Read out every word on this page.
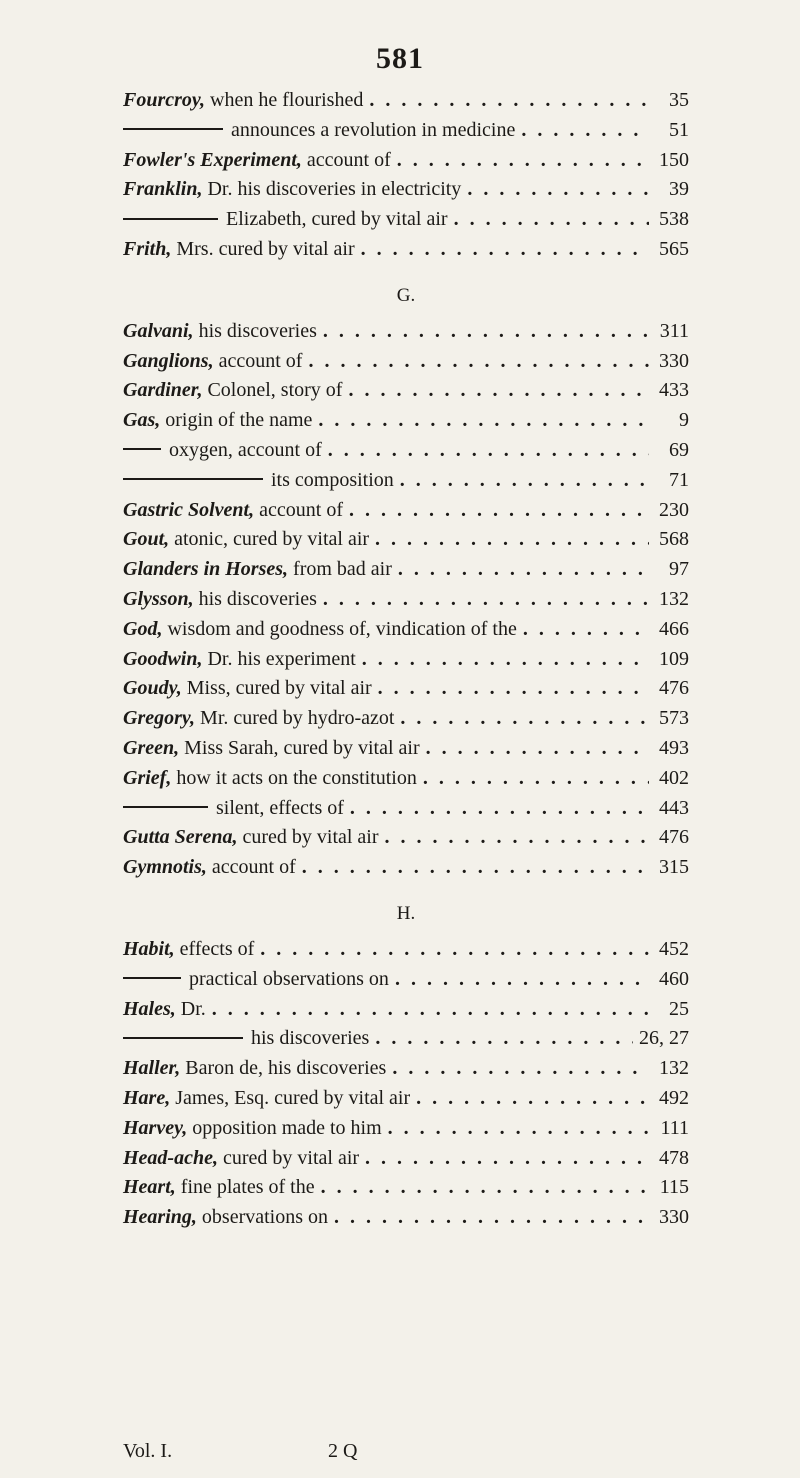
581
Fourcroy, when he flourished . . .	35
announces a revolution in medicine . . .	51
Fowler's Experiment, account of . . .	150
Franklin, Dr. his discoveries in electricity . . .	39
Elizabeth, cured by vital air . . .	538
Frith, Mrs. cured by vital air . . .	565
G.
Galvani, his discoveries . . .	311
Ganglions, account of . . .	330
Gardiner, Colonel, story of . . .	433
Gas, origin of the name . . .	9
oxygen, account of . . .	69
its composition . . .	71
Gastric Solvent, account of . . .	230
Gout, atonic, cured by vital air . . .	568
Glanders in Horses, from bad air . . .	97
Glysson, his discoveries . . .	132
God, wisdom and goodness of, vindication of the . . .	466
Goodwin, Dr. his experiment . . .	109
Goudy, Miss, cured by vital air . . .	476
Gregory, Mr. cured by hydro-azot . . .	573
Green, Miss Sarah, cured by vital air . . .	493
Grief, how it acts on the constitution . . .	402
silent, effects of . . .	443
Gutta Serena, cured by vital air . . .	476
Gymnotis, account of . . .	315
H.
Habit, effects of . . .	452
practical observations on . . .	460
Hales, Dr. . . .	25
his discoveries . . .	26, 27
Haller, Baron de, his discoveries . . .	132
Hare, James, Esq. cured by vital air . . .	492
Harvey, opposition made to him . . .	111
Head-ache, cured by vital air . . .	478
Heart, fine plates of the . . .	115
Hearing, observations on . . .	330
Vol. I.	2 Q
